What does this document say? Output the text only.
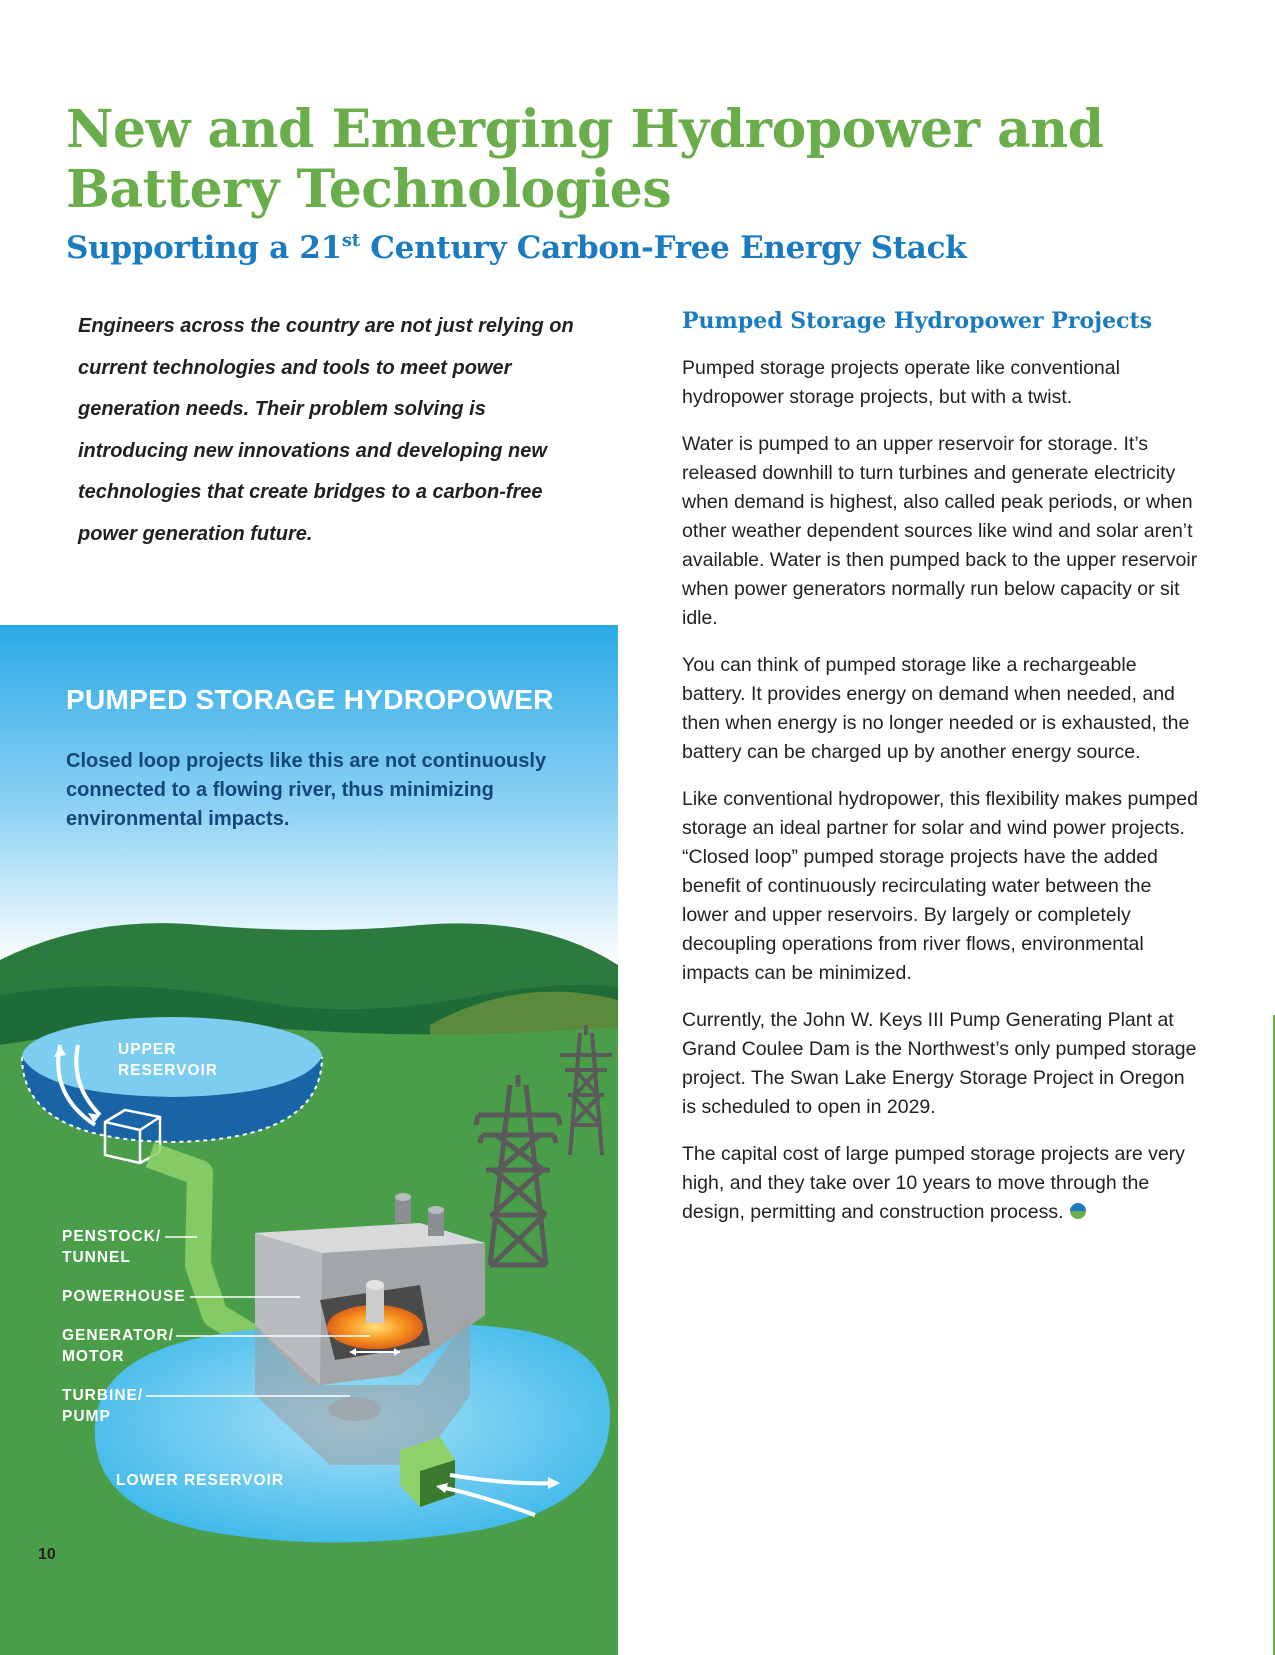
New and Emerging Hydropower and Battery Technologies
Supporting a 21st Century Carbon-Free Energy Stack

Engineers across the country are not just relying on current technologies and tools to meet power generation needs. Their problem solving is introducing new innovations and developing new technologies that create bridges to a carbon-free power generation future.

Pumped Storage Hydropower Projects

Pumped storage projects operate like conventional hydropower storage projects, but with a twist.

Water is pumped to an upper reservoir for storage. It’s released downhill to turn turbines and generate electricity when demand is highest, also called peak periods, or when other weather dependent sources like wind and solar aren’t available. Water is then pumped back to the upper reservoir when power generators normally run below capacity or sit idle.

You can think of pumped storage like a rechargeable battery. It provides energy on demand when needed, and then when energy is no longer needed or is exhausted, the battery can be charged up by another energy source.

Like conventional hydropower, this flexibility makes pumped storage an ideal partner for solar and wind power projects. “Closed loop” pumped storage projects have the added benefit of continuously recirculating water between the lower and upper reservoirs. By largely or completely decoupling operations from river flows, environmental impacts can be minimized.

Currently, the John W. Keys III Pump Generating Plant at Grand Coulee Dam is the Northwest’s only pumped storage project. The Swan Lake Energy Storage Project in Oregon is scheduled to open in 2029.

The capital cost of large pumped storage projects are very high, and they take over 10 years to move through the design, permitting and construction process.

PUMPED STORAGE HYDROPOWER

Closed loop projects like this are not continuously connected to a flowing river, thus minimizing environmental impacts.

UPPER
RESERVOIR
PENSTOCK/
TUNNEL
POWERHOUSE
GENERATOR/
MOTOR
TURBINE/
PUMP
LOWER RESERVOIR
10
